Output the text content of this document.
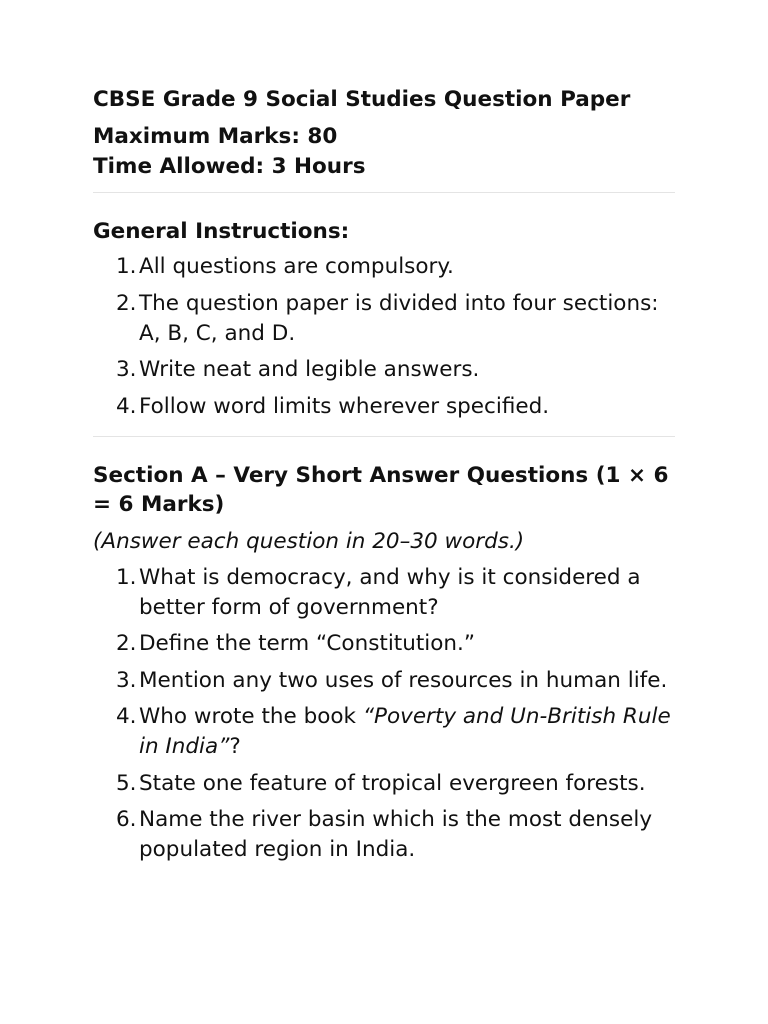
CBSE Grade 9 Social Studies Question Paper
Maximum Marks: 80
Time Allowed: 3 Hours
General Instructions:
1. All questions are compulsory.
2. The question paper is divided into four sections: A, B, C, and D.
3. Write neat and legible answers.
4. Follow word limits wherever specified.
Section A – Very Short Answer Questions (1 × 6 = 6 Marks)
(Answer each question in 20–30 words.)
1. What is democracy, and why is it considered a better form of government?
2. Define the term “Constitution.”
3. Mention any two uses of resources in human life.
4. Who wrote the book “Poverty and Un-British Rule in India”?
5. State one feature of tropical evergreen forests.
6. Name the river basin which is the most densely populated region in India.
